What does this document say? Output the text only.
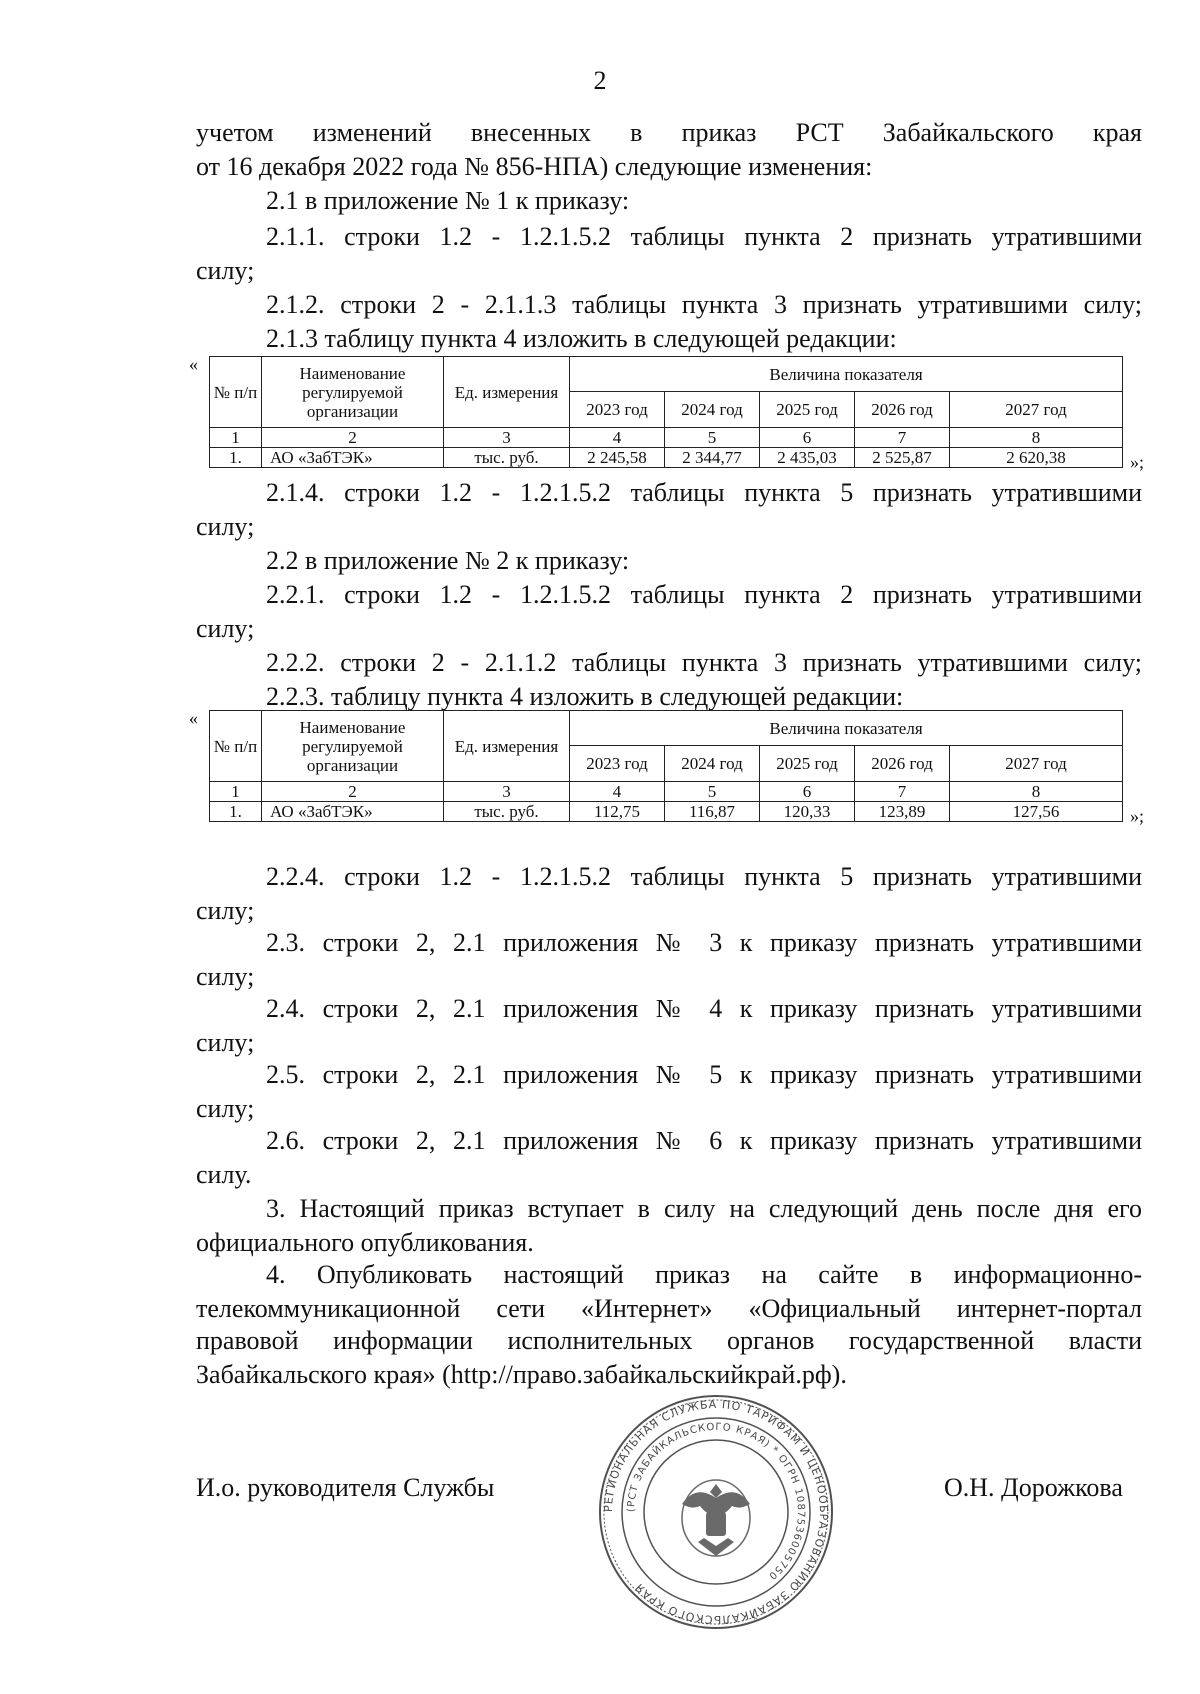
2

учетом изменений внесенных в приказ РСТ Забайкальского края

от 16 декабря 2022 года № 856-НПА) следующие изменения:

2.1 в приложение № 1 к приказу:

2.1.1. строки 1.2 - 1.2.1.5.2 таблицы пункта 2 признать утратившими

силу;

2.1.2. строки 2 - 2.1.1.3 таблицы пункта 3 признать утратившими силу;

2.1.3 таблицу пункта 4 изложить в следующей редакции:

«
№ п/п	Наименование регулируемой организации	Ед. измерения	Величина показателя				
			2023 год	2024 год	2025 год	2026 год	2027 год
1	2	3	4	5	6	7	8
1.	АО «ЗабТЭК»	тыс. руб.	2 245,58	2 344,77	2 435,03	2 525,87	2 620,38	»;

2.1.4. строки 1.2 - 1.2.1.5.2 таблицы пункта 5 признать утратившими

силу;

2.2 в приложение № 2 к приказу:

2.2.1. строки 1.2 - 1.2.1.5.2 таблицы пункта 2 признать утратившими

силу;

2.2.2. строки 2 - 2.1.1.2 таблицы пункта 3 признать утратившими силу;

2.2.3. таблицу пункта 4 изложить в следующей редакции:

«
№ п/п	Наименование регулируемой организации	Ед. измерения	Величина показателя				
			2023 год	2024 год	2025 год	2026 год	2027 год
1	2	3	4	5	6	7	8
1.	АО «ЗабТЭК»	тыс. руб.	112,75	116,87	120,33	123,89	127,56	»;

2.2.4. строки 1.2 - 1.2.1.5.2 таблицы пункта 5 признать утратившими

силу;

2.3. строки 2, 2.1 приложения № 3 к приказу признать утратившими

силу;

2.4. строки 2, 2.1 приложения № 4 к приказу признать утратившими

силу;

2.5. строки 2, 2.1 приложения № 5 к приказу признать утратившими

силу;

2.6. строки 2, 2.1 приложения № 6 к приказу признать утратившими

силу.

3. Настоящий приказ вступает в силу на следующий день после дня его

официального опубликования.

4. Опубликовать настоящий приказ на сайте в информационно-

телекоммуникационной сети «Интернет» «Официальный интернет-портал

правовой информации исполнительных органов государственной власти

Забайкальского края» (http://право.забайкальскийкрай.рф).

И.о. руководителя Службы	О.Н. Дорожкова
РЕГИОНАЛЬНАЯ СЛУЖБА ПО ТАРИФАМ И ЦЕНООБРАЗОВАНИЮ ЗАБАЙКАЛЬСКОГО КРАЯ
(РСТ ЗАБАЙКАЛЬСКОГО КРАЯ) * ОГРН 1087536005750
